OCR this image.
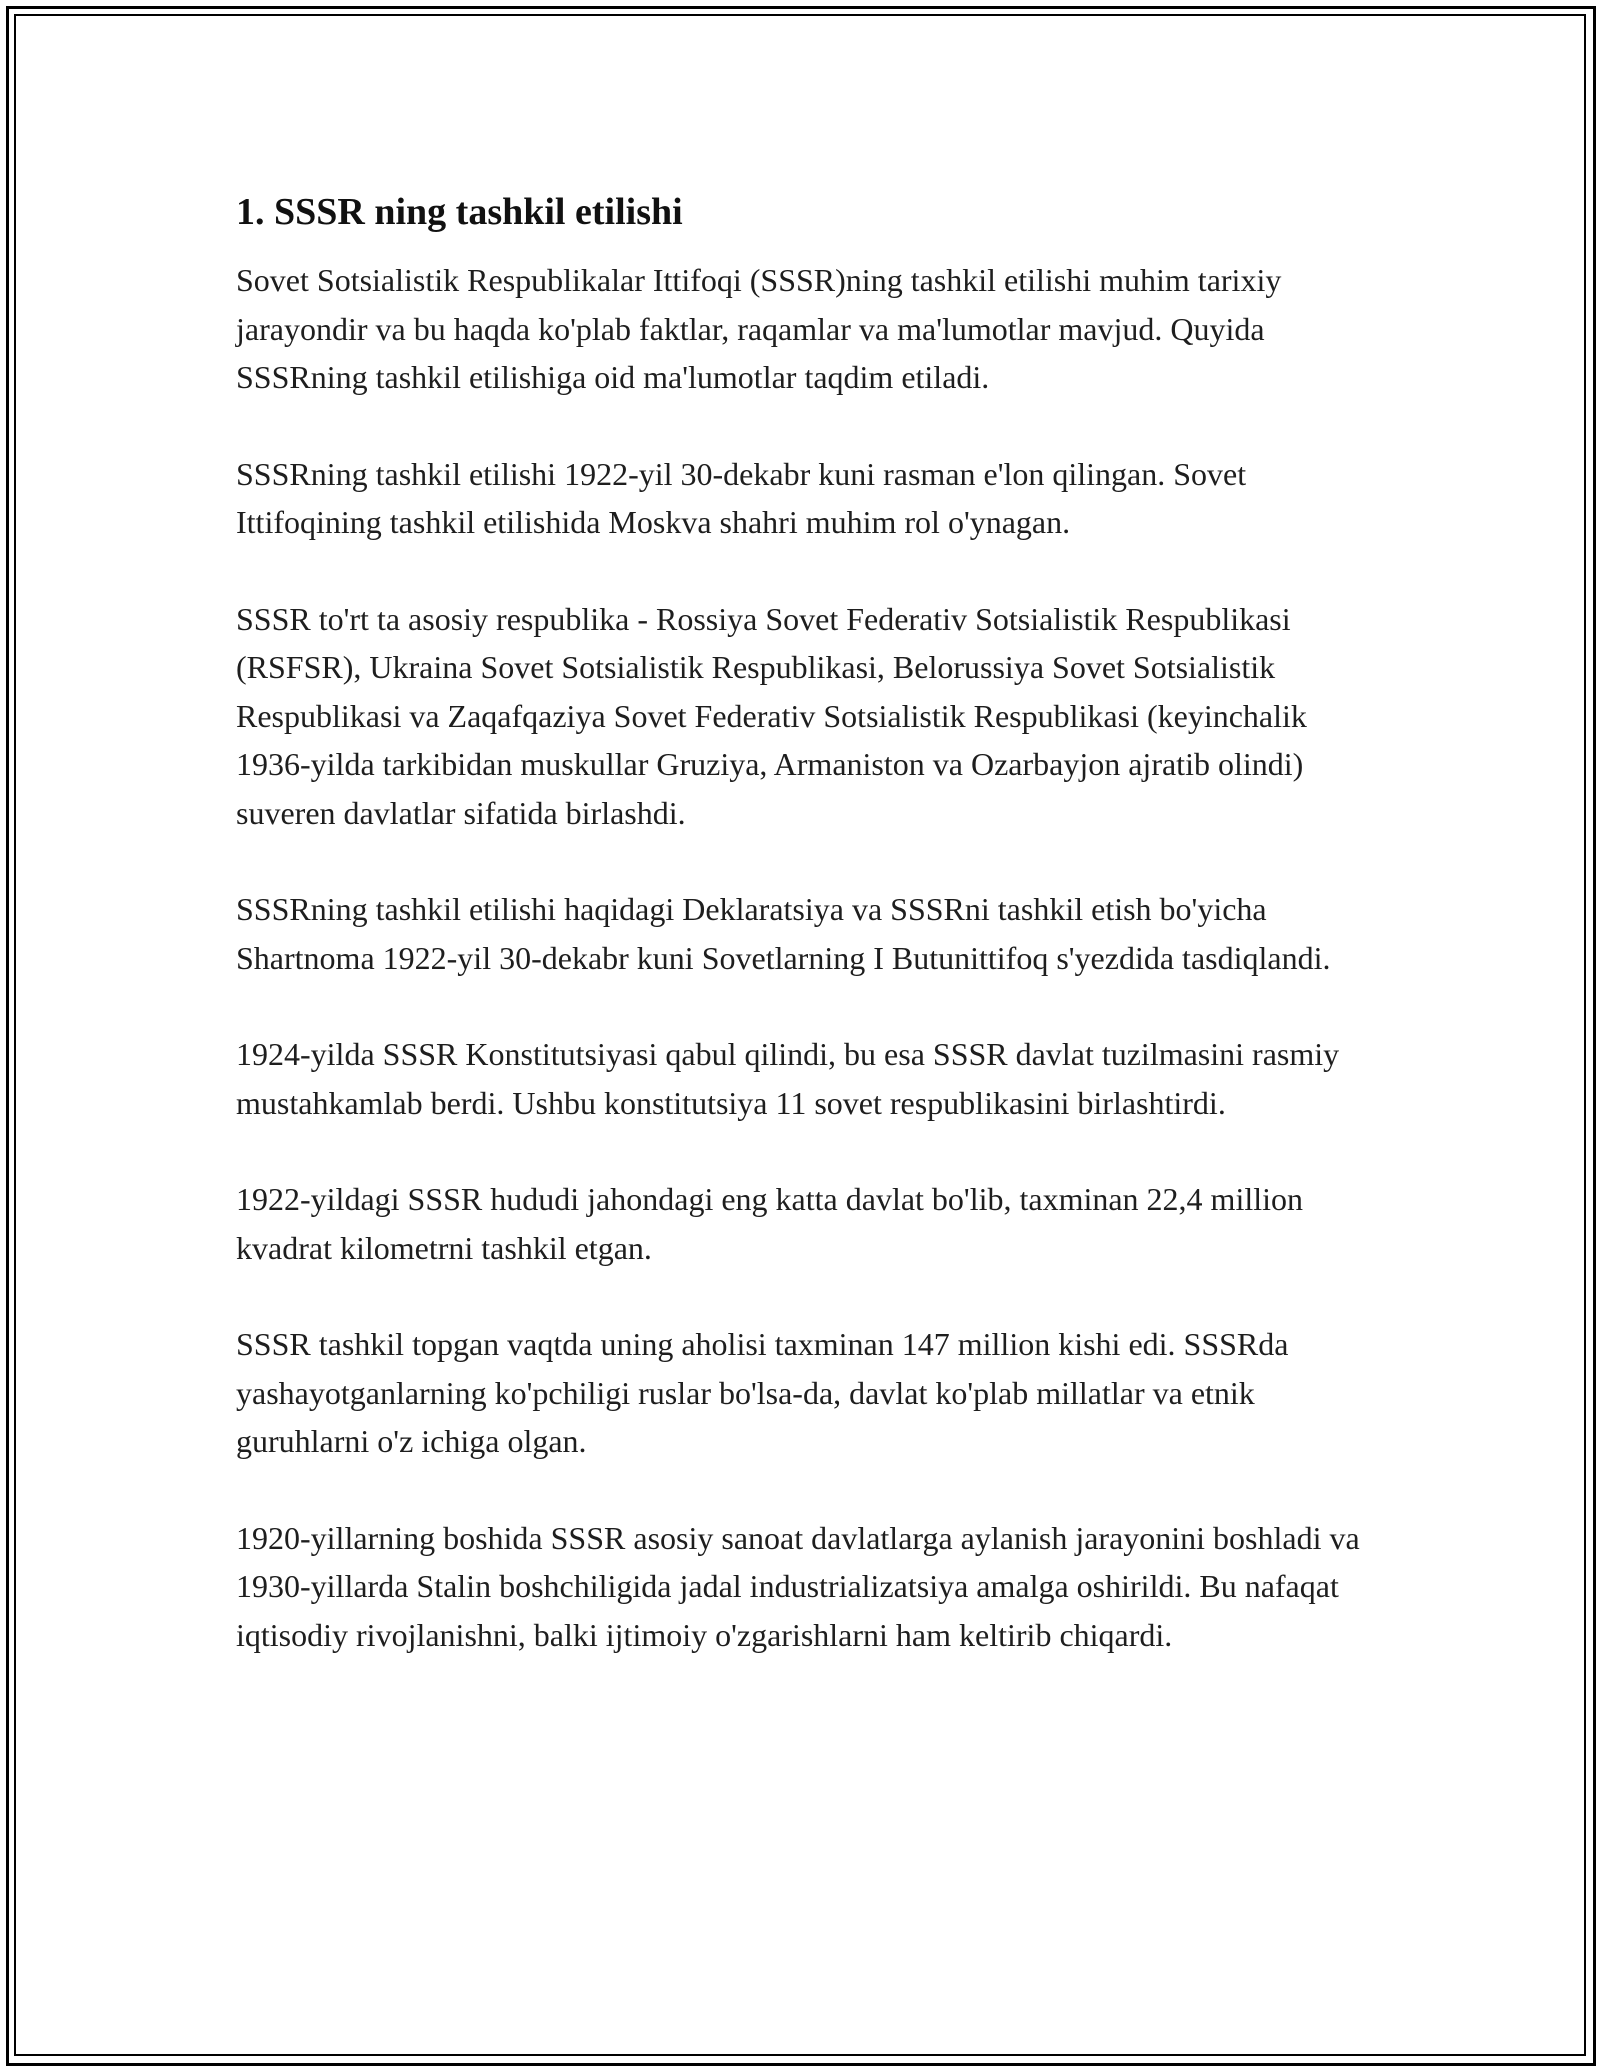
1. SSSR ning tashkil etilishi

Sovet Sotsialistik Respublikalar Ittifoqi (SSSR)ning tashkil etilishi muhim tarixiy jarayondir va bu haqda ko'plab faktlar, raqamlar va ma'lumotlar mavjud. Quyida SSSRning tashkil etilishiga oid ma'lumotlar taqdim etiladi.

SSSRning tashkil etilishi 1922-yil 30-dekabr kuni rasman e'lon qilingan. Sovet Ittifoqining tashkil etilishida Moskva shahri muhim rol o'ynagan.

SSSR to'rt ta asosiy respublika - Rossiya Sovet Federativ Sotsialistik Respublikasi (RSFSR), Ukraina Sovet Sotsialistik Respublikasi, Belorussiya Sovet Sotsialistik Respublikasi va Zaqafqaziya Sovet Federativ Sotsialistik Respublikasi (keyinchalik 1936-yilda tarkibidan muskullar Gruziya, Armaniston va Ozarbayjon ajratib olindi) suveren davlatlar sifatida birlashdi.

SSSRning tashkil etilishi haqidagi Deklaratsiya va SSSRni tashkil etish bo'yicha Shartnoma 1922-yil 30-dekabr kuni Sovetlarning I Butunittifoq s'yezdida tasdiqlandi.

1924-yilda SSSR Konstitutsiyasi qabul qilindi, bu esa SSSR davlat tuzilmasini rasmiy mustahkamlab berdi. Ushbu konstitutsiya 11 sovet respublikasini birlashtirdi.

1922-yildagi SSSR hududi jahondagi eng katta davlat bo'lib, taxminan 22,4 million kvadrat kilometrni tashkil etgan.

SSSR tashkil topgan vaqtda uning aholisi taxminan 147 million kishi edi. SSSRda yashayotganlarning ko'pchiligi ruslar bo'lsa-da, davlat ko'plab millatlar va etnik guruhlarni o'z ichiga olgan.

1920-yillarning boshida SSSR asosiy sanoat davlatlarga aylanish jarayonini boshladi va 1930-yillarda Stalin boshchiligida jadal industrializatsiya amalga oshirildi. Bu nafaqat iqtisodiy rivojlanishni, balki ijtimoiy o'zgarishlarni ham keltirib chiqardi.
